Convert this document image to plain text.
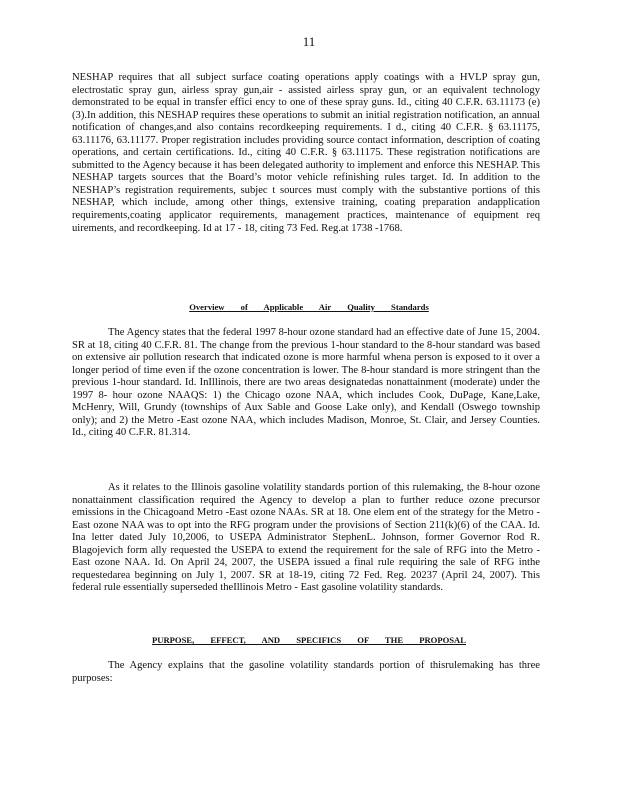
11

NESHAP requires that all subject surface coating operations apply coatings with a HVLP spray gun, electrostatic spray gun, airless spray gun,air - assisted airless spray gun, or an equivalent technology demonstrated to be equal in transfer effici ency to one of these spray guns. Id., citing 40 C.F.R. 63.11173 (e)(3).In addition, this NESHAP requires these operations to submit an initial registration notification, an annual notification of changes,and also contains recordkeeping requirements. I d., citing 40 C.F.R. § 63.11175, 63.11176, 63.11177. Proper registration includes providing source contact information, description of coating operations, and certain certifications. Id., citing 40 C.F.R. § 63.11175. These registration notifications are submitted to the Agency because it has been delegated authority to implement and enforce this NESHAP. This NESHAP targets sources that the Board’s motor vehicle refinishing rules target. Id. In addition to the NESHAP’s registration requirements, subjec t sources must comply with the substantive portions of this NESHAP, which include, among other things, extensive training, coating preparation andapplication requirements,coating applicator requirements, management practices, maintenance of equipment req uirements, and recordkeeping. Id at 17 - 18, citing 73 Fed. Reg.at 1738 -1768.

Overview of Applicable Air Quality Standards

The Agency states that the federal 1997 8-hour ozone standard had an effective date of June 15, 2004. SR at 18, citing 40 C.F.R. 81. The change from the previous 1-hour standard to the 8-hour standard was based on extensive air pollution research that indicated ozone is more harmful whena person is exposed to it over a longer period of time even if the ozone concentration is lower. The 8-hour standard is more stringent than the previous 1-hour standard. Id. InIllinois, there are two areas designatedas nonattainment (moderate) under the 1997 8- hour ozone NAAQS: 1) the Chicago ozone NAA, which includes Cook, DuPage, Kane,Lake, McHenry, Will, Grundy (townships of Aux Sable and Goose Lake only), and Kendall (Oswego township only); and 2) the Metro -East ozone NAA, which includes Madison, Monroe, St. Clair, and Jersey Counties. Id., citing 40 C.F.R. 81.314.

As it relates to the Illinois gasoline volatility standards portion of this rulemaking, the 8-hour ozone nonattainment classification required the Agency to develop a plan to further reduce ozone precursor emissions in the Chicagoand Metro -East ozone NAAs. SR at 18. One elem ent of the strategy for the Metro -East ozone NAA was to opt into the RFG program under the provisions of Section 211(k)(6) of the CAA. Id. Ina letter dated July 10,2006, to USEPA Administrator StephenL. Johnson, former Governor Rod R. Blagojevich form ally requested the USEPA to extend the requirement for the sale of RFG into the Metro -East ozone NAA. Id. On April 24, 2007, the USEPA issued a final rule requiring the sale of RFG inthe requestedarea beginning on July 1, 2007. SR at 18-19, citing 72 Fed. Reg. 20237 (April 24, 2007). This federal rule essentially superseded theIllinois Metro - East gasoline volatility standards.

PURPOSE, EFFECT, AND SPECIFICS OF THE PROPOSAL

The Agency explains that the gasoline volatility standards portion of thisrulemaking has three purposes:
